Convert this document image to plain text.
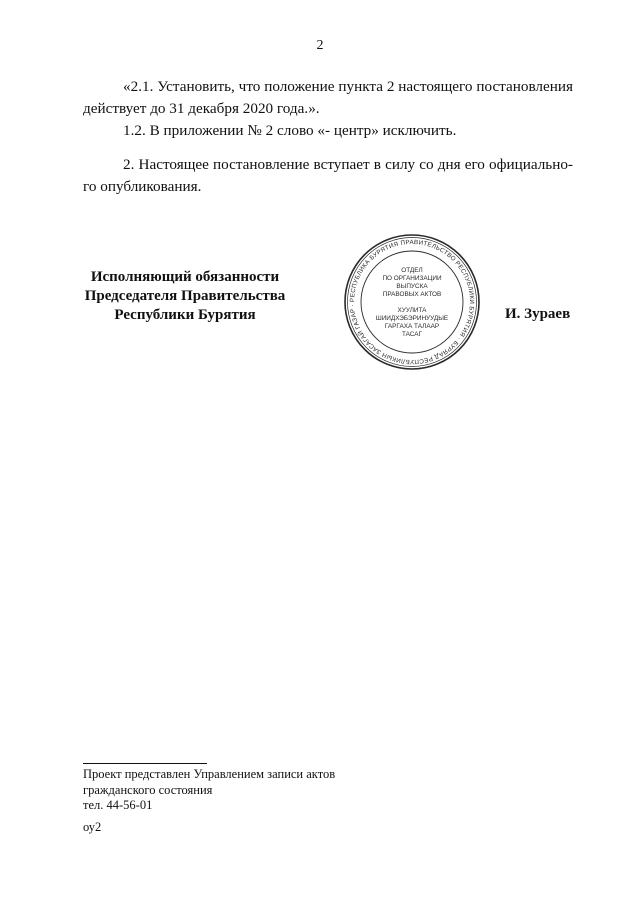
2

«2.1. Установить, что положение пункта 2 настоящего постановления действует до 31 декабря 2020 года.».

1.2. В приложении № 2 слово «- центр» исключить.

2. Настоящее постановление вступает в силу со дня его официально-го опубликования.

Исполняющий обязанности
Председателя Правительства
Республики Бурятия
РЕСПУБЛИКА БУРЯТИЯ ПРАВИТЕЛЬСТВО РЕСПУБЛИКИ БУРЯТИЯ · БУРЯАД РЕСПУБЛИКЫН ЗАСАГАЙ ГАЗАР ·
ОТДЕЛ
ПО ОРГАНИЗАЦИИ
ВЫПУСКА
ПРАВОВЫХ АКТОВ
ХУУЛИТА
ШИИДХЭБЭРИНУУДЫЕ
ГАРГАХА ТАЛААР
ТАСАГ
И. Зураев
Проект представлен Управлением записи актов
гражданского состояния
тел. 44-56-01
оу2
